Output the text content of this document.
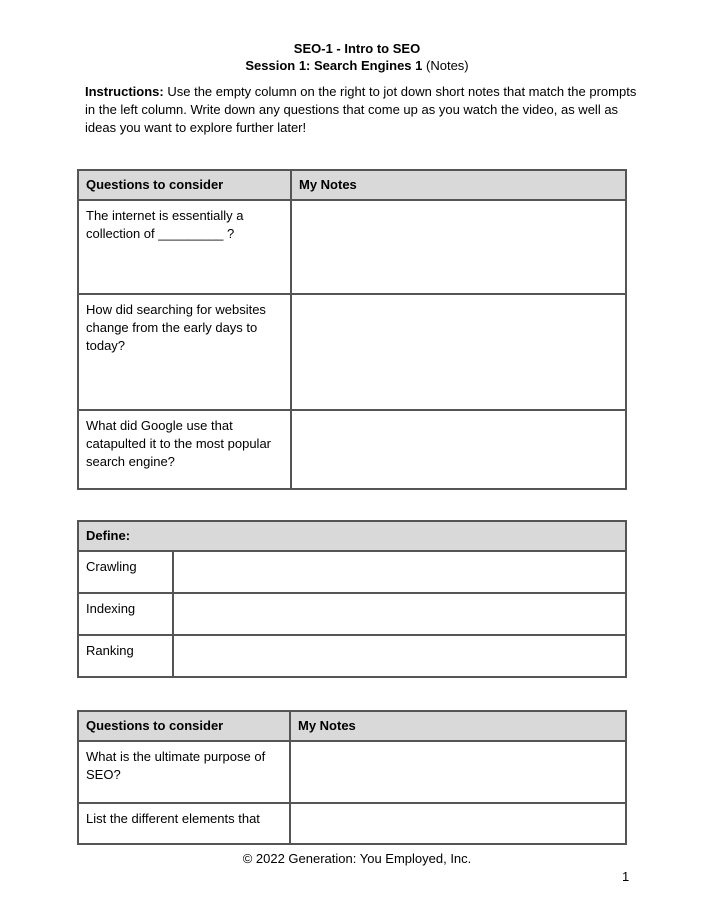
SEO-1 - Intro to SEO
Session 1: Search Engines 1 (Notes)
Instructions: Use the empty column on the right to jot down short notes that match the prompts in the left column. Write down any questions that come up as you watch the video, as well as ideas you want to explore further later!
Questions to consider	My Notes
The internet is essentially a collection of _________ ?	
How did searching for websites change from the early days to today?	
What did Google use that catapulted it to the most popular search engine?	
Define:	
Crawling	
Indexing	
Ranking	
Questions to consider	My Notes
What is the ultimate purpose of SEO?	
List the different elements that	
© 2022 Generation: You Employed, Inc.
1
